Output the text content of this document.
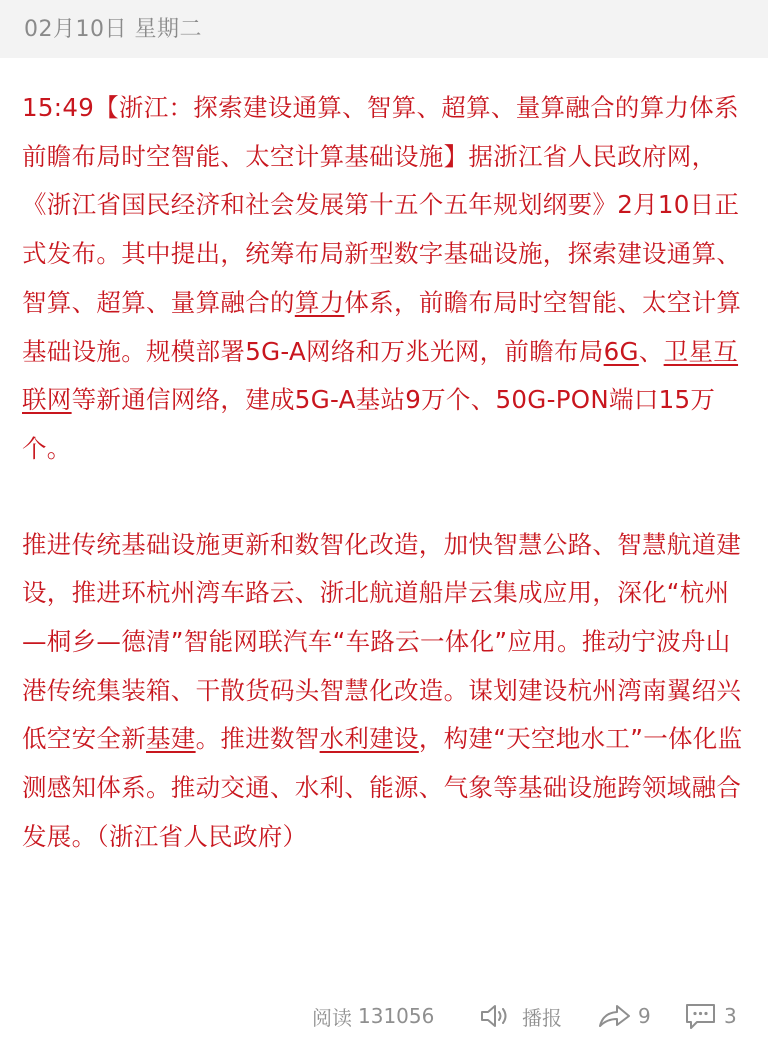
02月10日 星期二

15:49【浙江：探索建设通算、智算、超算、量算融合的算力体系　前瞻布局时空智能、太空计算基础设施】据浙江省人民政府网，《浙江省国民经济和社会发展第十五个五年规划纲要》2月10日正式发布。其中提出，统筹布局新型数字基础设施，探索建设通算、智算、超算、量算融合的算力体系，前瞻布局时空智能、太空计算基础设施。规模部署5G-A网络和万兆光网，前瞻布局6G、卫星互联网等新通信网络，建成5G-A基站9万个、50G-PON端口15万个。

推进传统基础设施更新和数智化改造，加快智慧公路、智慧航道建设，推进环杭州湾车路云、浙北航道船岸云集成应用，深化“杭州—桐乡—德清”智能网联汽车“车路云一体化”应用。推动宁波舟山港传统集装箱、干散货码头智慧化改造。谋划建设杭州湾南翼绍兴低空安全新基建。推进数智水利建设，构建“天空地水工”一体化监测感知体系。推动交通、水利、能源、气象等基础设施跨领域融合发展。（浙江省人民政府）

阅读 131056	播报	9	3
